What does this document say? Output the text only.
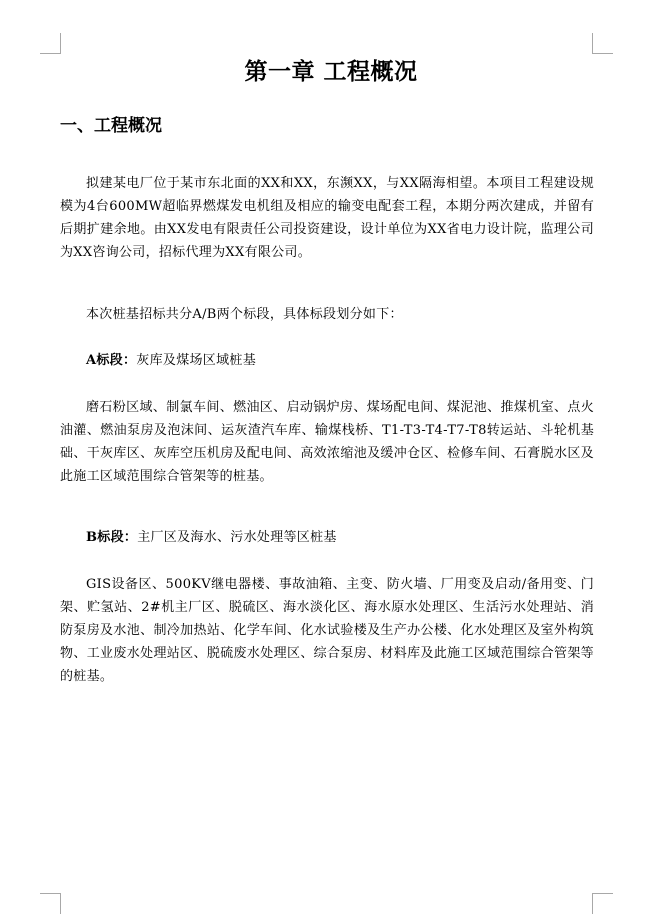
第一章 工程概况
一、工程概况

拟建某电厂位于某市东北面的XX和XX，东濒XX，与XX隔海相望。本项目工程建设规模为4台600MW超临界燃煤发电机组及相应的输变电配套工程，本期分两次建成，并留有后期扩建余地。由XX发电有限责任公司投资建设，设计单位为XX省电力设计院，监理公司为XX咨询公司，招标代理为XX有限公司。

本次桩基招标共分A/B两个标段，具体标段划分如下：

A标段：灰库及煤场区域桩基

磨石粉区域、制氯车间、燃油区、启动锅炉房、煤场配电间、煤泥池、推煤机室、点火油灌、燃油泵房及泡沫间、运灰渣汽车库、输煤栈桥、T1-T3-T4-T7-T8转运站、斗轮机基础、干灰库区、灰库空压机房及配电间、高效浓缩池及缓冲仓区、检修车间、石膏脱水区及此施工区域范围综合管架等的桩基。

B标段：主厂区及海水、污水处理等区桩基

GIS设备区、500KV继电器楼、事故油箱、主变、防火墙、厂用变及启动/备用变、门架、贮氢站、2#机主厂区、脱硫区、海水淡化区、海水原水处理区、生活污水处理站、消防泵房及水池、制冷加热站、化学车间、化水试验楼及生产办公楼、化水处理区及室外构筑物、工业废水处理站区、脱硫废水处理区、综合泵房、材料库及此施工区域范围综合管架等的桩基。
